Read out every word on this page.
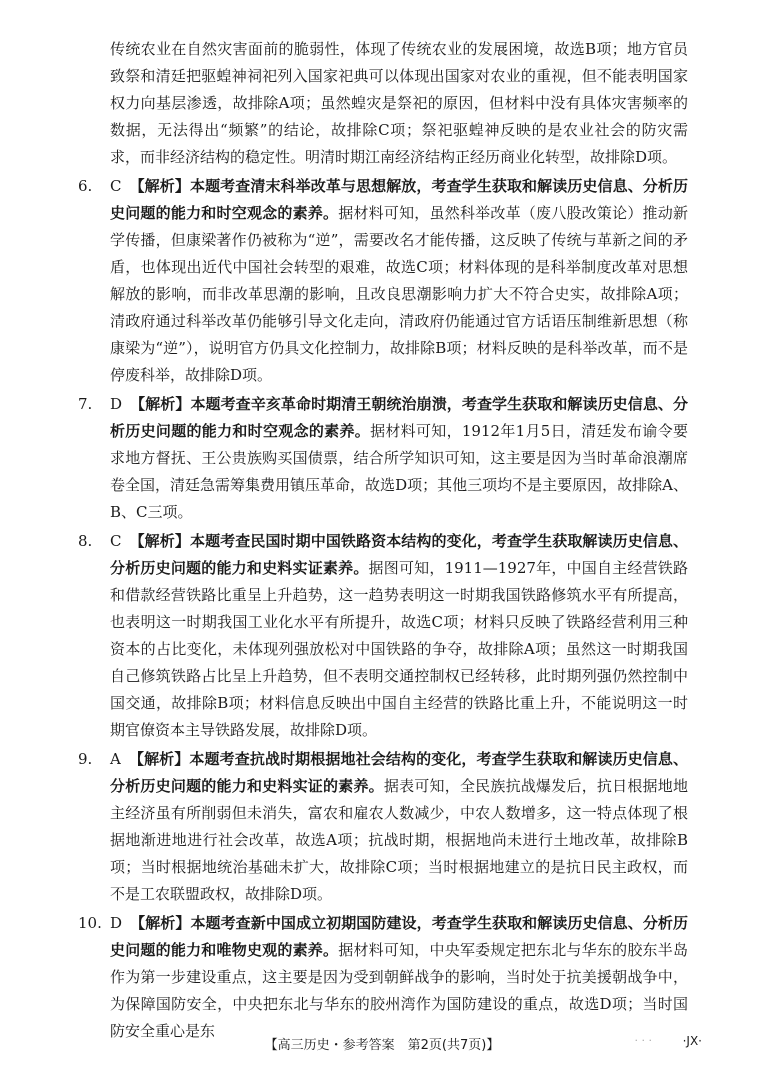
传统农业在自然灾害面前的脆弱性，体现了传统农业的发展困境，故选B项；地方官员致祭和清廷把驱蝗神祠祀列入国家祀典可以体现出国家对农业的重视，但不能表明国家权力向基层渗透，故排除A项；虽然蝗灾是祭祀的原因，但材料中没有具体灾害频率的数据，无法得出“频繁”的结论，故排除C项；祭祀驱蝗神反映的是农业社会的防灾需求，而非经济结构的稳定性。明清时期江南经济结构正经历商业化转型，故排除D项。

6. C 【解析】本题考查清末科举改革与思想解放，考查学生获取和解读历史信息、分析历史问题的能力和时空观念的素养。据材料可知，虽然科举改革（废八股改策论）推动新学传播，但康梁著作仍被称为“逆”，需要改名才能传播，这反映了传统与革新之间的矛盾，也体现出近代中国社会转型的艰难，故选C项；材料体现的是科举制度改革对思想解放的影响，而非改革思潮的影响，且改良思潮影响力扩大不符合史实，故排除A项；清政府通过科举改革仍能够引导文化走向，清政府仍能通过官方话语压制维新思想（称康梁为“逆”），说明官方仍具文化控制力，故排除B项；材料反映的是科举改革，而不是停废科举，故排除D项。
7. D 【解析】本题考查辛亥革命时期清王朝统治崩溃，考查学生获取和解读历史信息、分析历史问题的能力和时空观念的素养。据材料可知，1912年1月5日，清廷发布谕令要求地方督抚、王公贵族购买国债票，结合所学知识可知，这主要是因为当时革命浪潮席卷全国，清廷急需筹集费用镇压革命，故选D项；其他三项均不是主要原因，故排除A、B、C三项。
8. C 【解析】本题考查民国时期中国铁路资本结构的变化，考查学生获取解读历史信息、分析历史问题的能力和史料实证素养。据图可知，1911—1927年，中国自主经营铁路和借款经营铁路比重呈上升趋势，这一趋势表明这一时期我国铁路修筑水平有所提高，也表明这一时期我国工业化水平有所提升，故选C项；材料只反映了铁路经营利用三种资本的占比变化，未体现列强放松对中国铁路的争夺，故排除A项；虽然这一时期我国自己修筑铁路占比呈上升趋势，但不表明交通控制权已经转移，此时期列强仍然控制中国交通，故排除B项；材料信息反映出中国自主经营的铁路比重上升，不能说明这一时期官僚资本主导铁路发展，故排除D项。
9. A 【解析】本题考查抗战时期根据地社会结构的变化，考查学生获取和解读历史信息、分析历史问题的能力和史料实证的素养。据表可知，全民族抗战爆发后，抗日根据地地主经济虽有所削弱但未消失，富农和雇农人数减少，中农人数增多，这一特点体现了根据地渐进地进行社会改革，故选A项；抗战时期，根据地尚未进行土地改革，故排除B项；当时根据地统治基础未扩大，故排除C项；当时根据地建立的是抗日民主政权，而不是工农联盟政权，故排除D项。
10. D 【解析】本题考查新中国成立初期国防建设，考查学生获取和解读历史信息、分析历史问题的能力和唯物史观的素养。据材料可知，中央军委规定把东北与华东的胶东半岛作为第一步建设重点，这主要是因为受到朝鲜战争的影响，当时处于抗美援朝战争中，为保障国防安全，中央把东北与华东的胶州湾作为国防建设的重点，故选D项；当时国防安全重心是东
【高三历史・参考答案　第2页(共7页)】	· · ·	·JX·
